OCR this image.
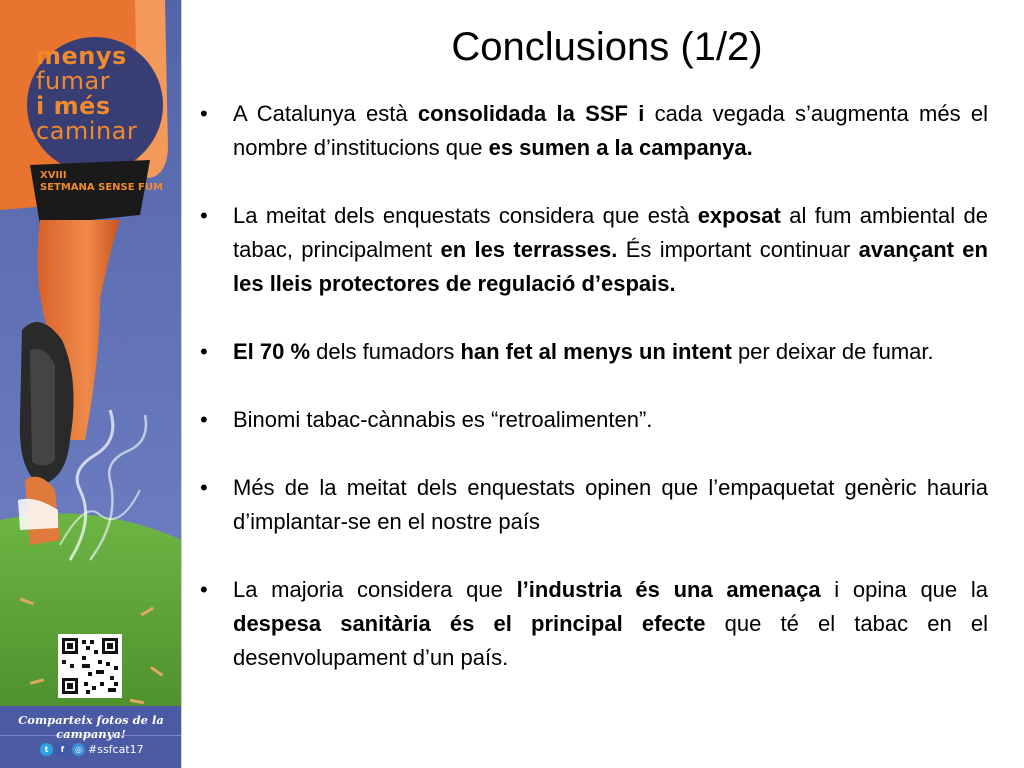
menys
fumar
i més
caminar
XVIII
SETMANA SENSE FUM
Comparteix fotos de la campanya!
t	f	◎ #ssfcat17
Conclusions (1/2)
• A Catalunya està consolidada la SSF i cada vegada s’augmenta més el nombre d’institucions que es sumen a la campanya.
• La meitat dels enquestats considera que està exposat al fum ambiental de tabac, principalment en les terrasses. És important continuar avançant en les lleis protectores de regulació d’espais.
• El 70 % dels fumadors han fet al menys un intent per deixar de fumar.
• Binomi tabac-cànnabis es “retroalimenten”.
• Més de la meitat dels enquestats opinen que l’empaquetat genèric hauria d’implantar-se en el nostre país
• La majoria considera que l’industria és una amenaça i opina que la despesa sanitària és el principal efecte que té el tabac en el desenvolupament d’un país.
